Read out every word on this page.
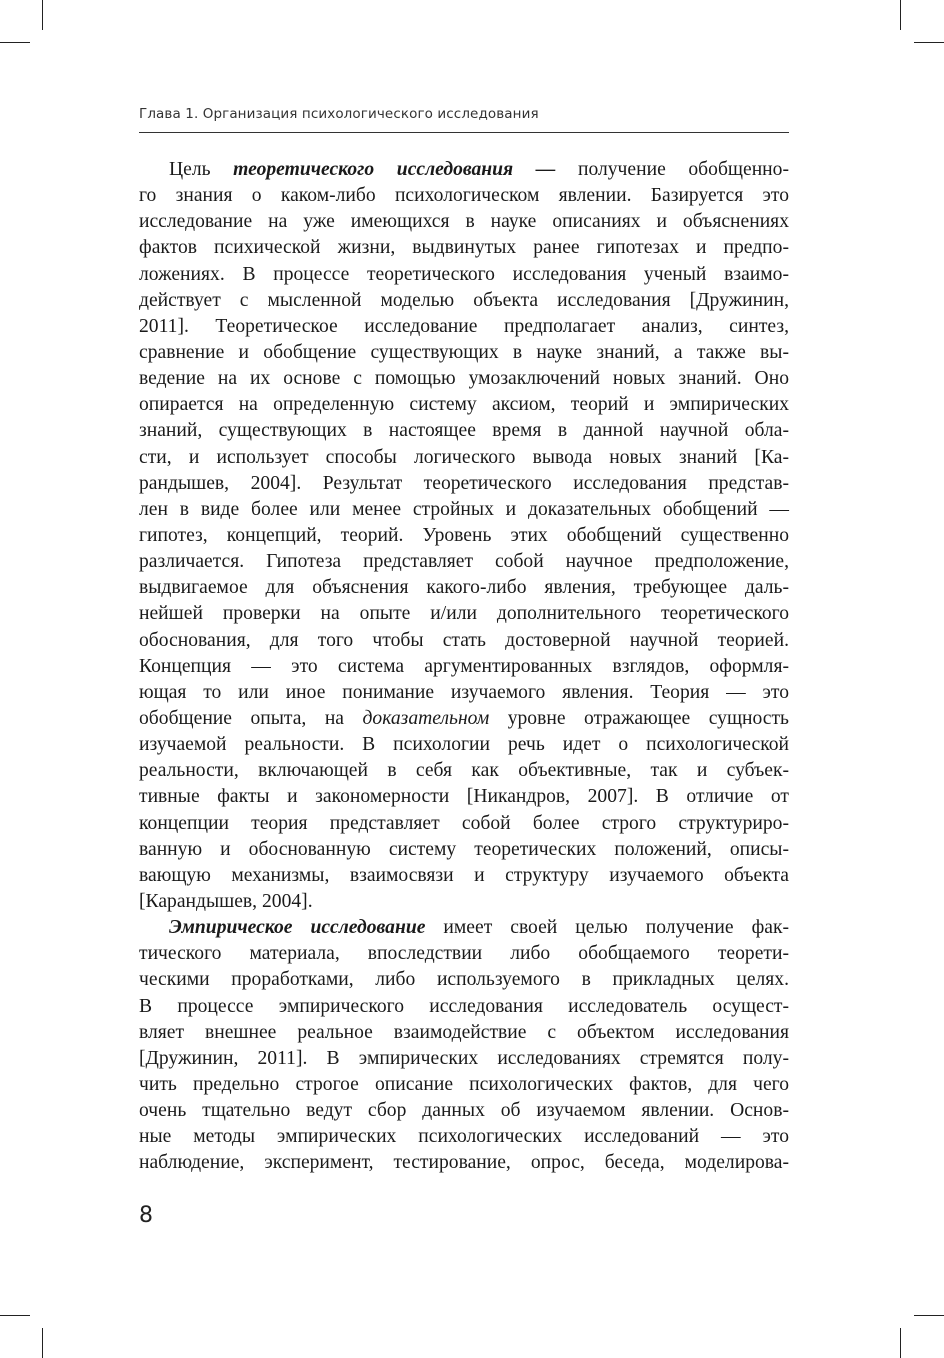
Глава 1. Организация психологического исследования
Цель теоретического исследования — получение обобщенно-
го знания о каком-либо психологическом явлении. Базируется это
исследование на уже имеющихся в науке описаниях и объяснениях
фактов психической жизни, выдвинутых ранее гипотезах и предпо-
ложениях. В процессе теоретического исследования ученый взаимо-
действует с мысленной моделью объекта исследования [Дружинин,
2011]. Теоретическое исследование предполагает анализ, синтез,
сравнение и обобщение существующих в науке знаний, а также вы-
ведение на их основе с помощью умозаключений новых знаний. Оно
опирается на определенную систему аксиом, теорий и эмпирических
знаний, существующих в настоящее время в данной научной обла-
сти, и использует способы логического вывода новых знаний [Ка-
рандышев, 2004]. Результат теоретического исследования представ-
лен в виде более или менее стройных и доказательных обобщений —
гипотез, концепций, теорий. Уровень этих обобщений существенно
различается. Гипотеза представляет собой научное предположение,
выдвигаемое для объяснения какого-либо явления, требующее даль-
нейшей проверки на опыте и/или дополнительного теоретического
обоснования, для того чтобы стать достоверной научной теорией.
Концепция — это система аргументированных взглядов, оформля-
ющая то или иное понимание изучаемого явления. Теория — это
обобщение опыта, на доказательном уровне отражающее сущность
изучаемой реальности. В психологии речь идет о психологической
реальности, включающей в себя как объективные, так и субъек-
тивные факты и закономерности [Никандров, 2007]. В отличие от
концепции теория представляет собой более строго структуриро-
ванную и обоснованную систему теоретических положений, описы-
вающую механизмы, взаимосвязи и структуру изучаемого объекта
[Карандышев, 2004].
Эмпирическое исследование имеет своей целью получение фак-
тического материала, впоследствии либо обобщаемого теорети-
ческими проработками, либо используемого в прикладных целях.
В процессе эмпирического исследования исследователь осущест-
вляет внешнее реальное взаимодействие с объектом исследования
[Дружинин, 2011]. В эмпирических исследованиях стремятся полу-
чить предельно строгое описание психологических фактов, для чего
очень тщательно ведут сбор данных об изучаемом явлении. Основ-
ные методы эмпирических психологических исследований — это
наблюдение, эксперимент, тестирование, опрос, беседа, моделирова-
8
